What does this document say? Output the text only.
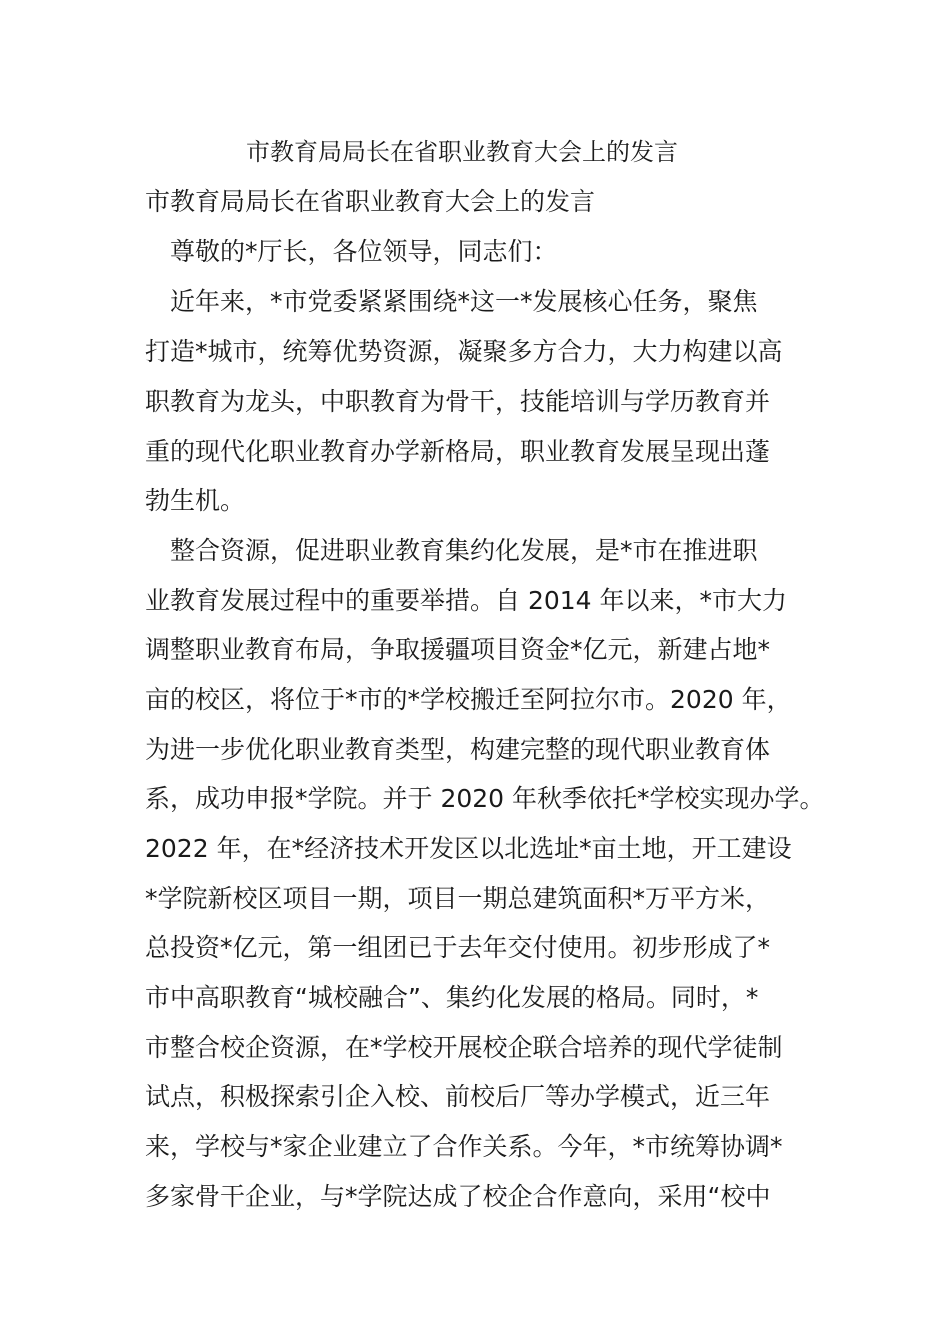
市教育局局长在省职业教育大会上的发言
市教育局局长在省职业教育大会上的发言
　尊敬的*厅长，各位领导，同志们：
　近年来，*市党委紧紧围绕*这一*发展核心任务，聚焦
打造*城市，统筹优势资源，凝聚多方合力，大力构建以高
职教育为龙头，中职教育为骨干，技能培训与学历教育并
重的现代化职业教育办学新格局，职业教育发展呈现出蓬
勃生机。
　整合资源，促进职业教育集约化发展，是*市在推进职
业教育发展过程中的重要举措。自 2014 年以来，*市大力
调整职业教育布局，争取援疆项目资金*亿元，新建占地*
亩的校区，将位于*市的*学校搬迁至阿拉尔市。2020 年，
为进一步优化职业教育类型，构建完整的现代职业教育体
系，成功申报*学院。并于 2020 年秋季依托*学校实现办学。
2022 年，在*经济技术开发区以北选址*亩土地，开工建设
*学院新校区项目一期，项目一期总建筑面积*万平方米，
总投资*亿元，第一组团已于去年交付使用。初步形成了*
市中高职教育“城校融合”、集约化发展的格局。同时，*
市整合校企资源，在*学校开展校企联合培养的现代学徒制
试点，积极探索引企入校、前校后厂等办学模式，近三年
来，学校与*家企业建立了合作关系。今年，*市统筹协调*
多家骨干企业，与*学院达成了校企合作意向，采用“校中
